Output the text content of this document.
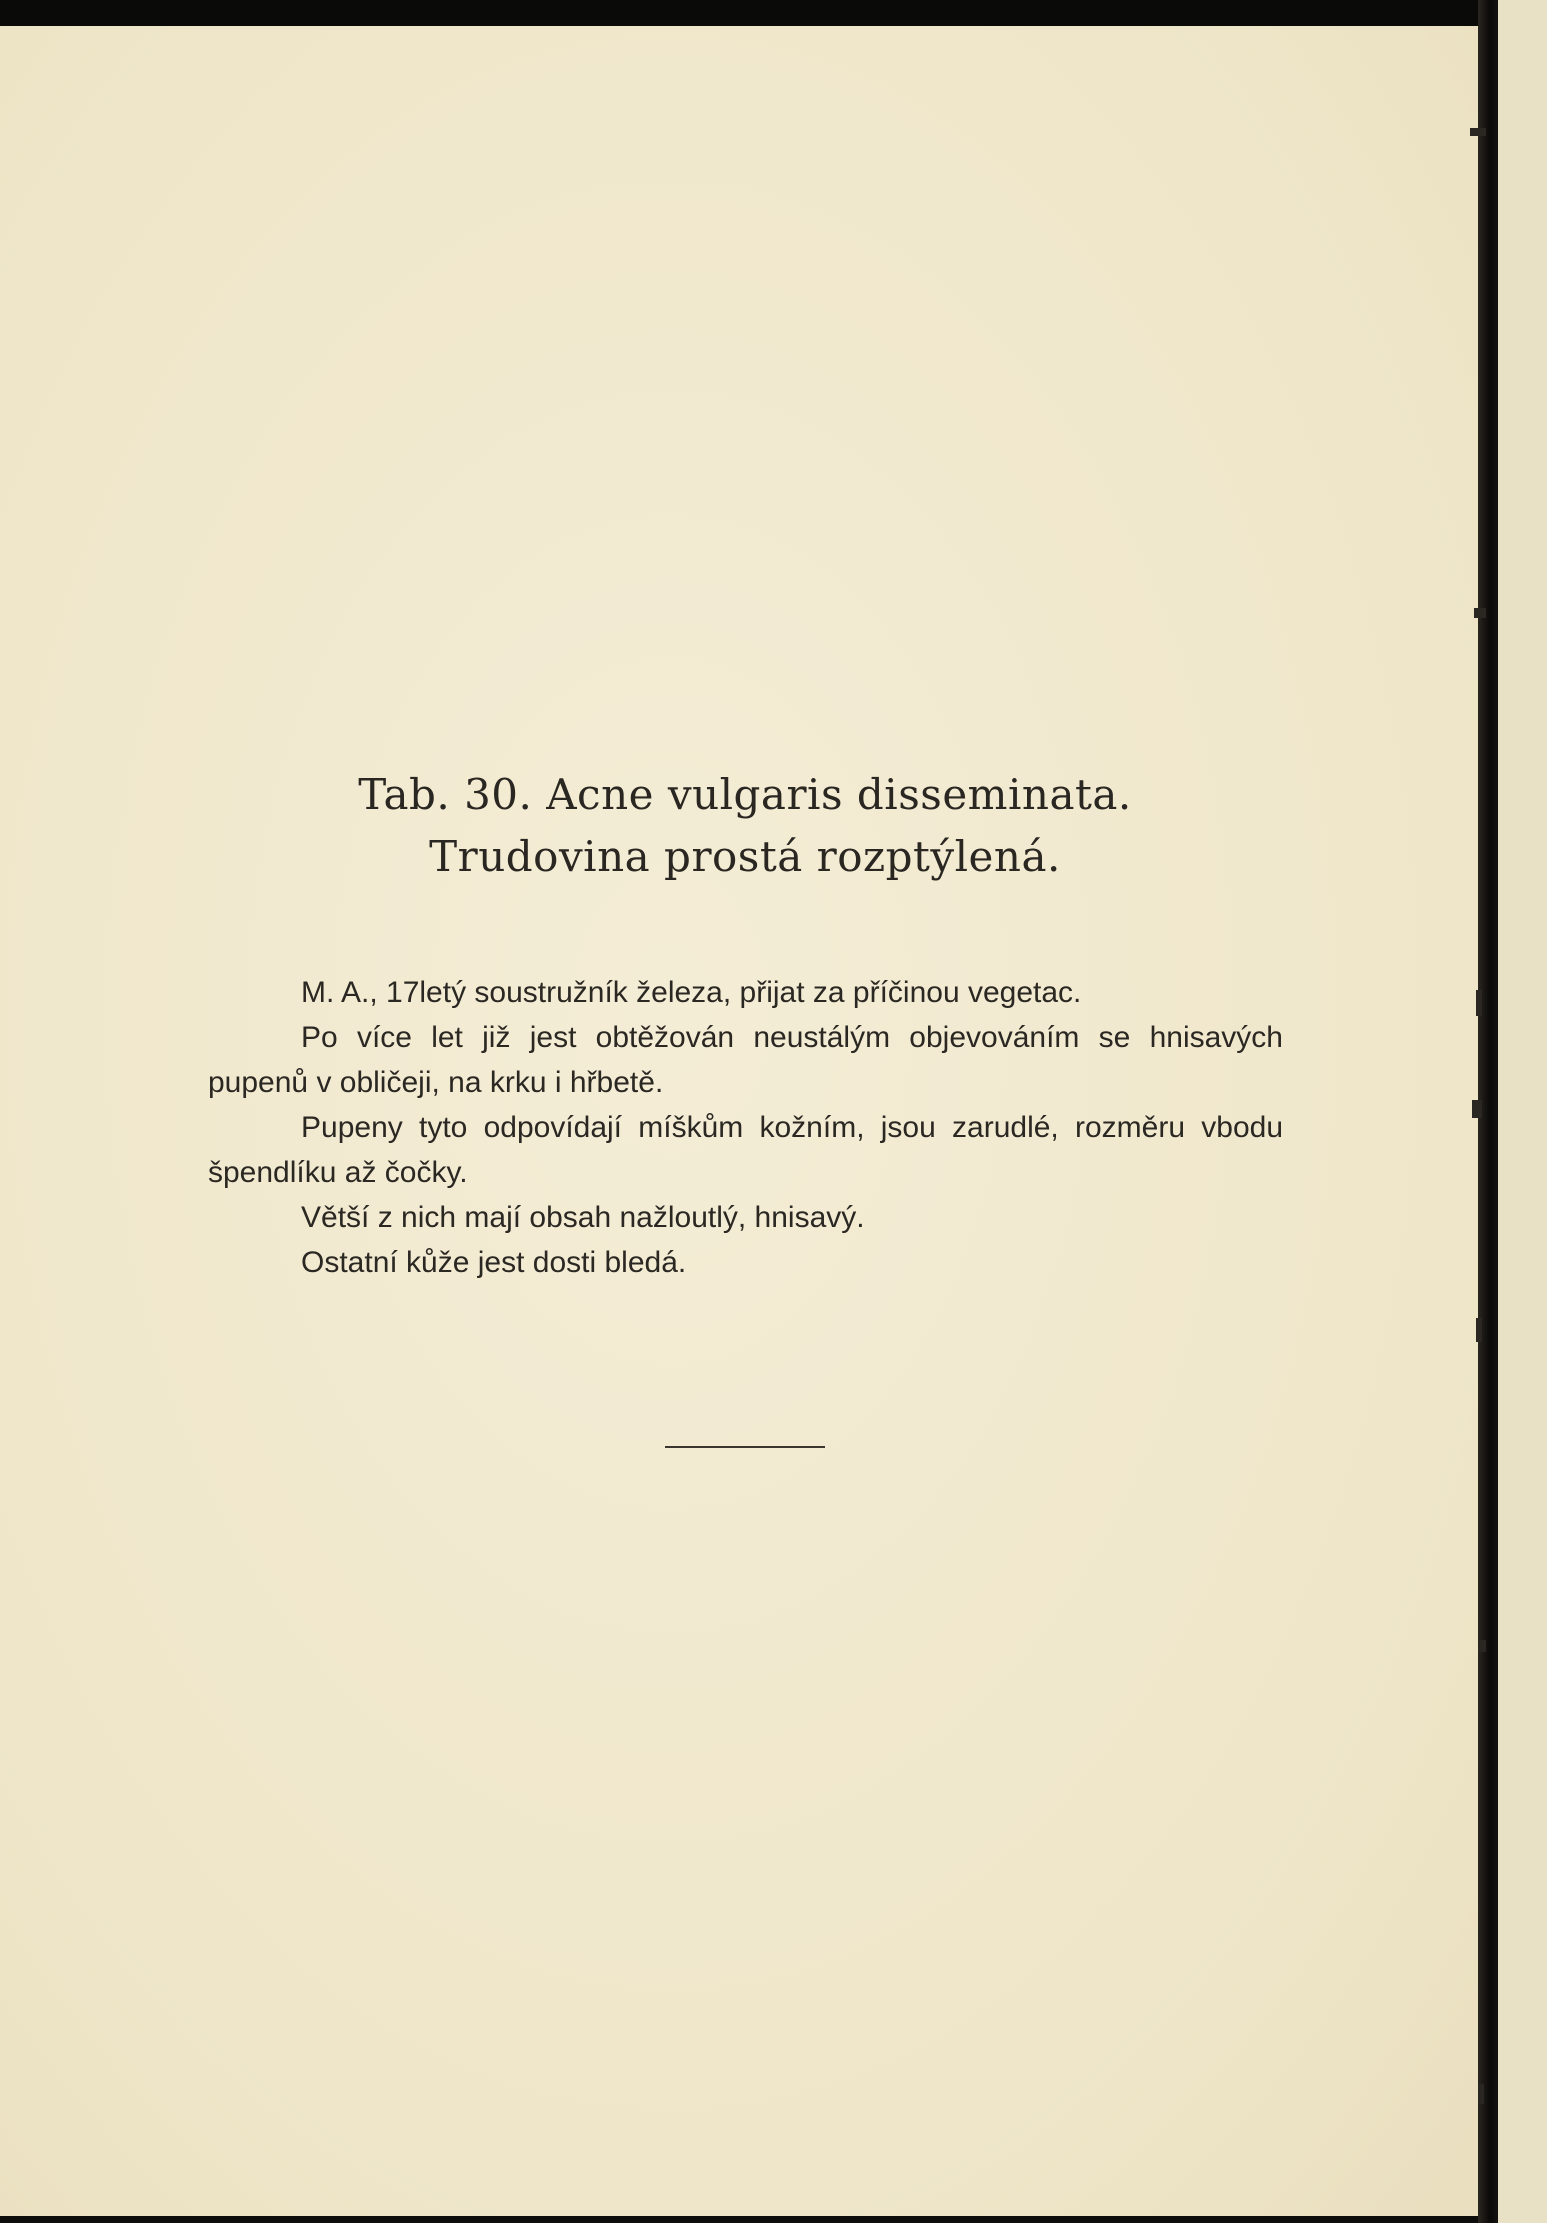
Tab. 30. Acne vulgaris disseminata.
Trudovina prostá rozptýlená.

M. A., 17letý soustružník železa, přijat za příčinou vegetac.

Po více let již jest obtěžován neustálým objevováním se hnisavých pupenů v obličeji, na krku i hřbetě.

Pupeny tyto odpovídají míškům kožním, jsou zarudlé, rozměru vbodu špendlíku až čočky.

Větší z nich mají obsah nažloutlý, hnisavý.

Ostatní kůže jest dosti bledá.
